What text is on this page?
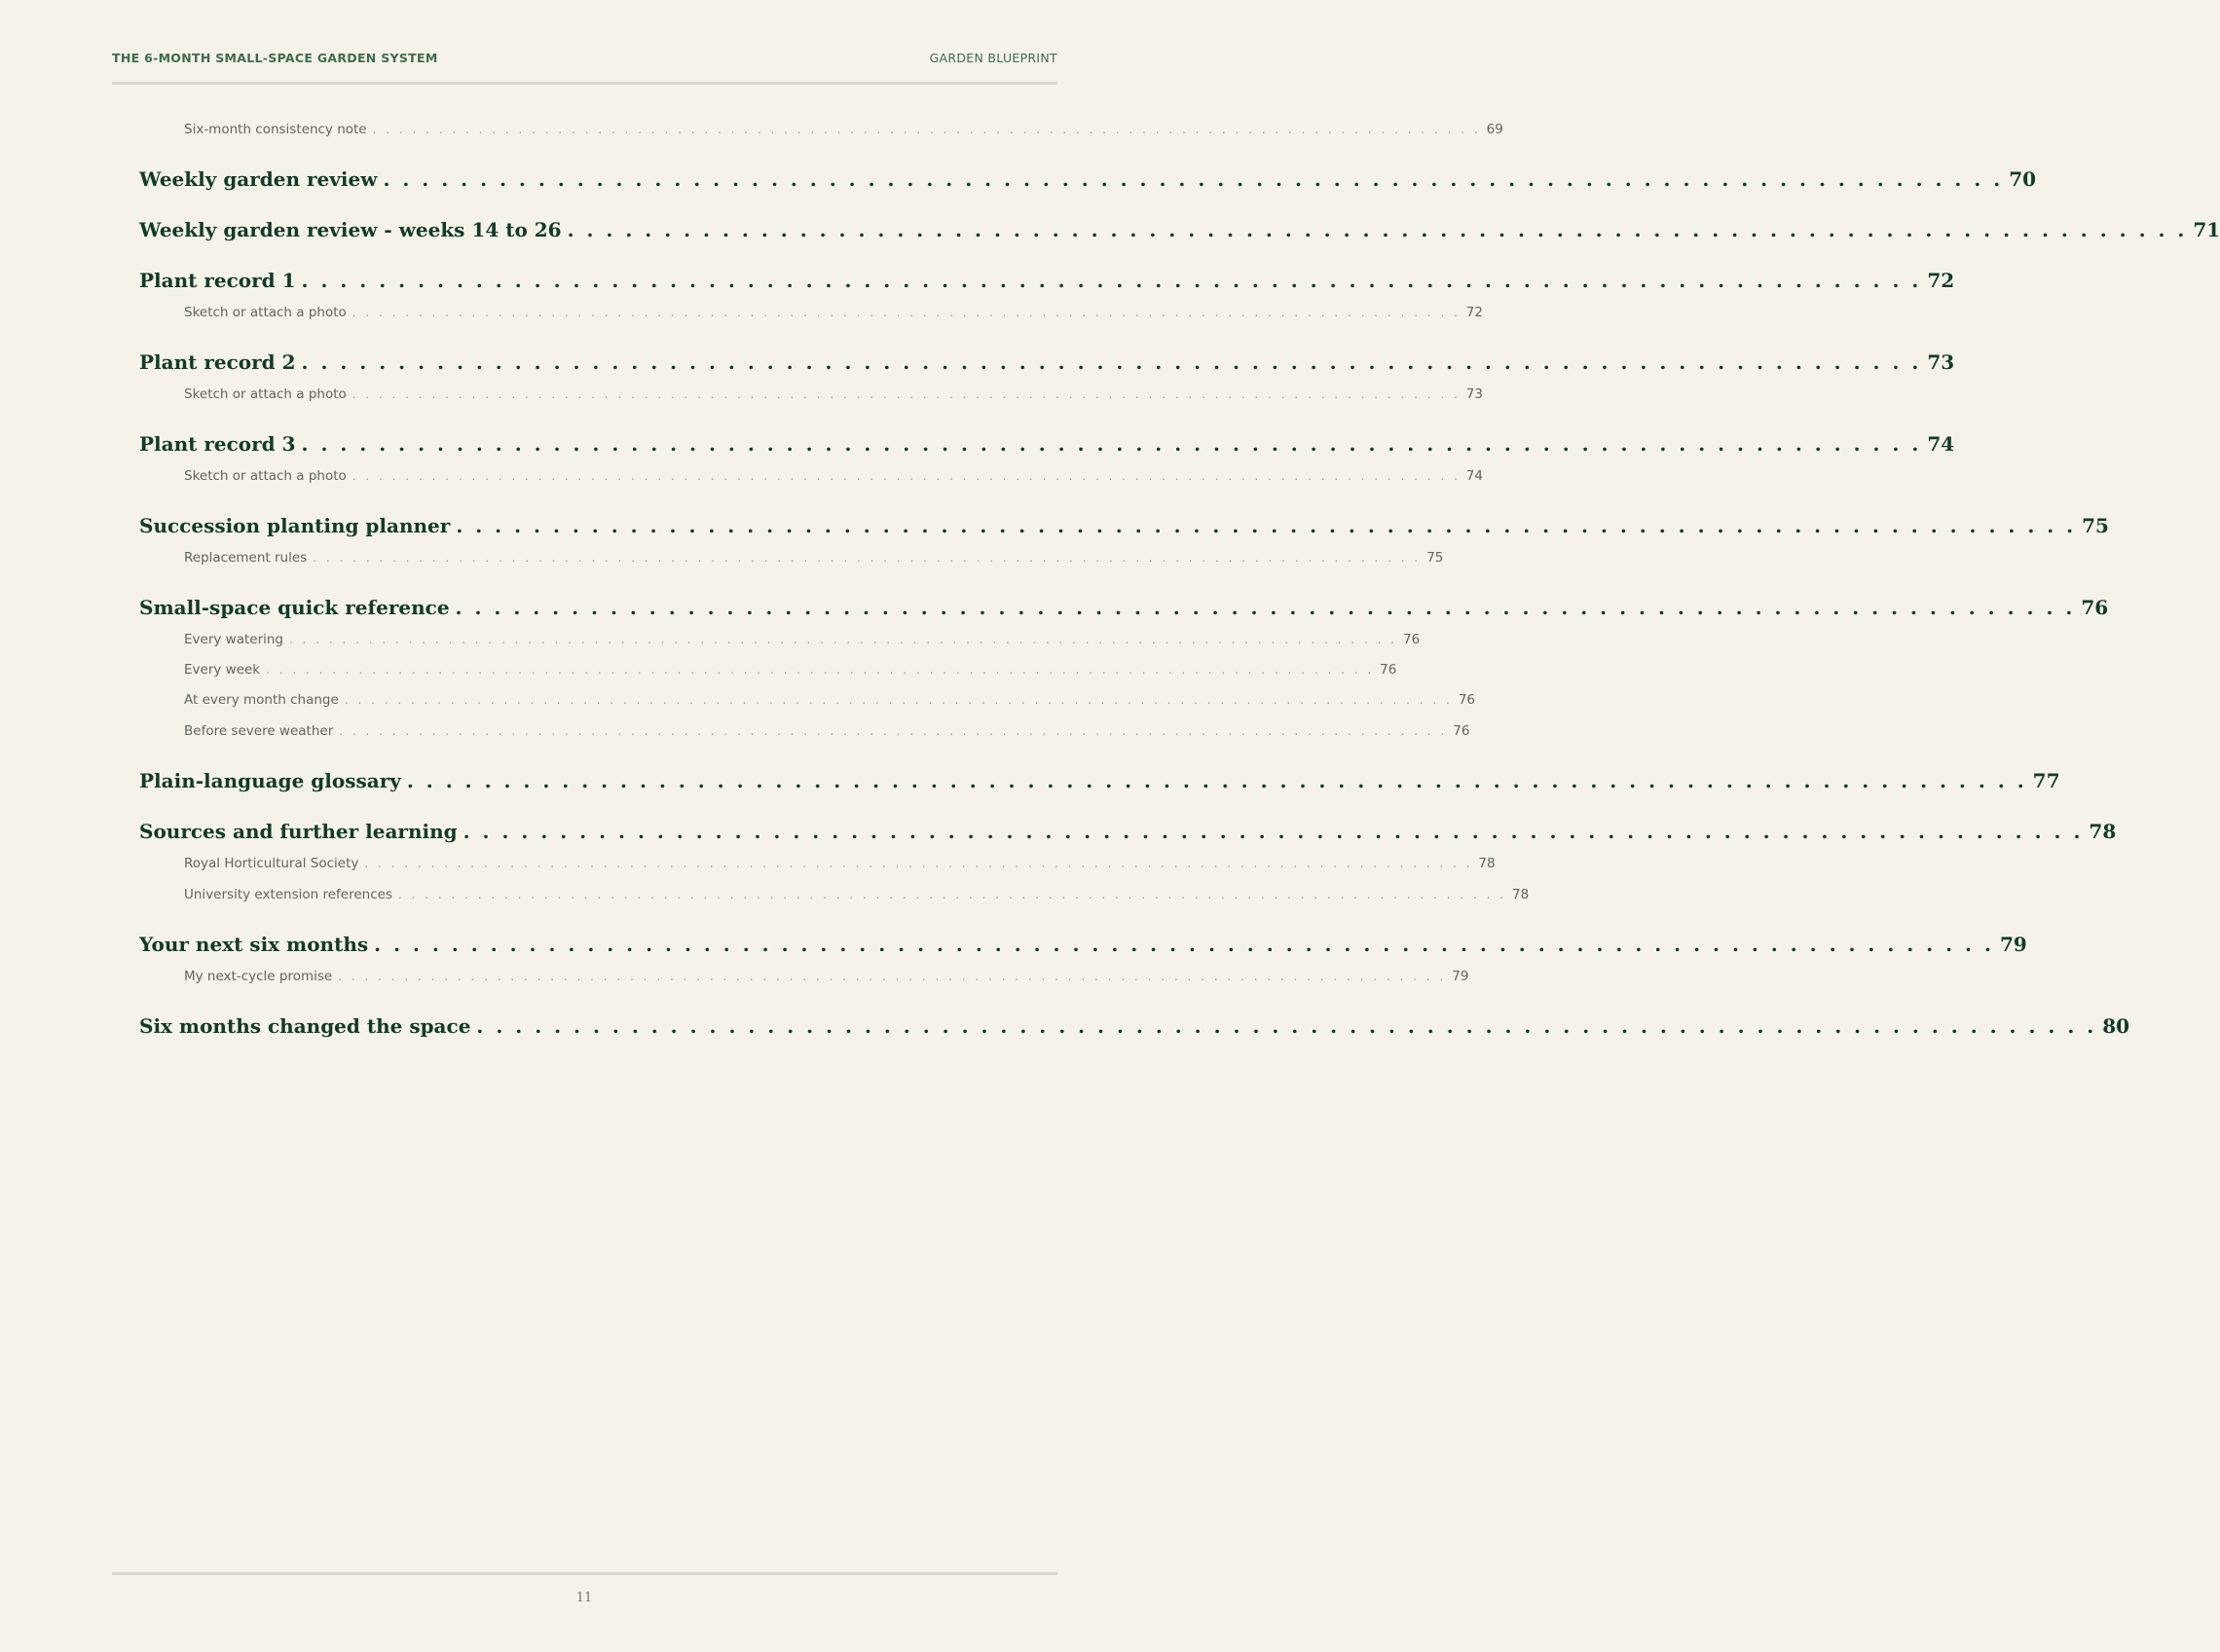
THE 6-MONTH SMALL-SPACE GARDEN SYSTEM	GARDEN BLUEPRINT
Six-month consistency note . . . . . . . . . . . . . . . . . . . . . . . . . . . . . . . . . . . . . . . . . . . . . . . . . . . . . . . . . . . . . . . . . . . . . . . . . . . . . . . . . . . . 69
Weekly garden review . . . . . . . . . . . . . . . . . . . . . . . . . . . . . . . . . . . . . . . . . . . . . . . . . . . . . . . . . . . . . . . . . . . . . . . . . . . . . . . . . . . . 70
Weekly garden review - weeks 14 to 26 . . . . . . . . . . . . . . . . . . . . . . . . . . . . . . . . . . . . . . . . . . . . . . . . . . . . . . . . . . . . . . . . . . . . . . . . . . . . . . . . . . . . 71
Plant record 1 . . . . . . . . . . . . . . . . . . . . . . . . . . . . . . . . . . . . . . . . . . . . . . . . . . . . . . . . . . . . . . . . . . . . . . . . . . . . . . . . . . . . 72
Sketch or attach a photo . . . . . . . . . . . . . . . . . . . . . . . . . . . . . . . . . . . . . . . . . . . . . . . . . . . . . . . . . . . . . . . . . . . . . . . . . . . . . . . . . . . . 72
Plant record 2 . . . . . . . . . . . . . . . . . . . . . . . . . . . . . . . . . . . . . . . . . . . . . . . . . . . . . . . . . . . . . . . . . . . . . . . . . . . . . . . . . . . . 73
Sketch or attach a photo . . . . . . . . . . . . . . . . . . . . . . . . . . . . . . . . . . . . . . . . . . . . . . . . . . . . . . . . . . . . . . . . . . . . . . . . . . . . . . . . . . . . 73
Plant record 3 . . . . . . . . . . . . . . . . . . . . . . . . . . . . . . . . . . . . . . . . . . . . . . . . . . . . . . . . . . . . . . . . . . . . . . . . . . . . . . . . . . . . 74
Sketch or attach a photo . . . . . . . . . . . . . . . . . . . . . . . . . . . . . . . . . . . . . . . . . . . . . . . . . . . . . . . . . . . . . . . . . . . . . . . . . . . . . . . . . . . . 74
Succession planting planner . . . . . . . . . . . . . . . . . . . . . . . . . . . . . . . . . . . . . . . . . . . . . . . . . . . . . . . . . . . . . . . . . . . . . . . . . . . . . . . . . . . . 75
Replacement rules . . . . . . . . . . . . . . . . . . . . . . . . . . . . . . . . . . . . . . . . . . . . . . . . . . . . . . . . . . . . . . . . . . . . . . . . . . . . . . . . . . . . 75
Small-space quick reference . . . . . . . . . . . . . . . . . . . . . . . . . . . . . . . . . . . . . . . . . . . . . . . . . . . . . . . . . . . . . . . . . . . . . . . . . . . . . . . . . . . . 76
Every watering . . . . . . . . . . . . . . . . . . . . . . . . . . . . . . . . . . . . . . . . . . . . . . . . . . . . . . . . . . . . . . . . . . . . . . . . . . . . . . . . . . . . 76
Every week . . . . . . . . . . . . . . . . . . . . . . . . . . . . . . . . . . . . . . . . . . . . . . . . . . . . . . . . . . . . . . . . . . . . . . . . . . . . . . . . . . . . 76
At every month change . . . . . . . . . . . . . . . . . . . . . . . . . . . . . . . . . . . . . . . . . . . . . . . . . . . . . . . . . . . . . . . . . . . . . . . . . . . . . . . . . . . . 76
Before severe weather . . . . . . . . . . . . . . . . . . . . . . . . . . . . . . . . . . . . . . . . . . . . . . . . . . . . . . . . . . . . . . . . . . . . . . . . . . . . . . . . . . . . 76
Plain-language glossary . . . . . . . . . . . . . . . . . . . . . . . . . . . . . . . . . . . . . . . . . . . . . . . . . . . . . . . . . . . . . . . . . . . . . . . . . . . . . . . . . . . . 77
Sources and further learning . . . . . . . . . . . . . . . . . . . . . . . . . . . . . . . . . . . . . . . . . . . . . . . . . . . . . . . . . . . . . . . . . . . . . . . . . . . . . . . . . . . . 78
Royal Horticultural Society . . . . . . . . . . . . . . . . . . . . . . . . . . . . . . . . . . . . . . . . . . . . . . . . . . . . . . . . . . . . . . . . . . . . . . . . . . . . . . . . . . . . 78
University extension references . . . . . . . . . . . . . . . . . . . . . . . . . . . . . . . . . . . . . . . . . . . . . . . . . . . . . . . . . . . . . . . . . . . . . . . . . . . . . . . . . . . . 78
Your next six months . . . . . . . . . . . . . . . . . . . . . . . . . . . . . . . . . . . . . . . . . . . . . . . . . . . . . . . . . . . . . . . . . . . . . . . . . . . . . . . . . . . . 79
My next-cycle promise . . . . . . . . . . . . . . . . . . . . . . . . . . . . . . . . . . . . . . . . . . . . . . . . . . . . . . . . . . . . . . . . . . . . . . . . . . . . . . . . . . . . 79
Six months changed the space . . . . . . . . . . . . . . . . . . . . . . . . . . . . . . . . . . . . . . . . . . . . . . . . . . . . . . . . . . . . . . . . . . . . . . . . . . . . . . . . . . . . 80
11
